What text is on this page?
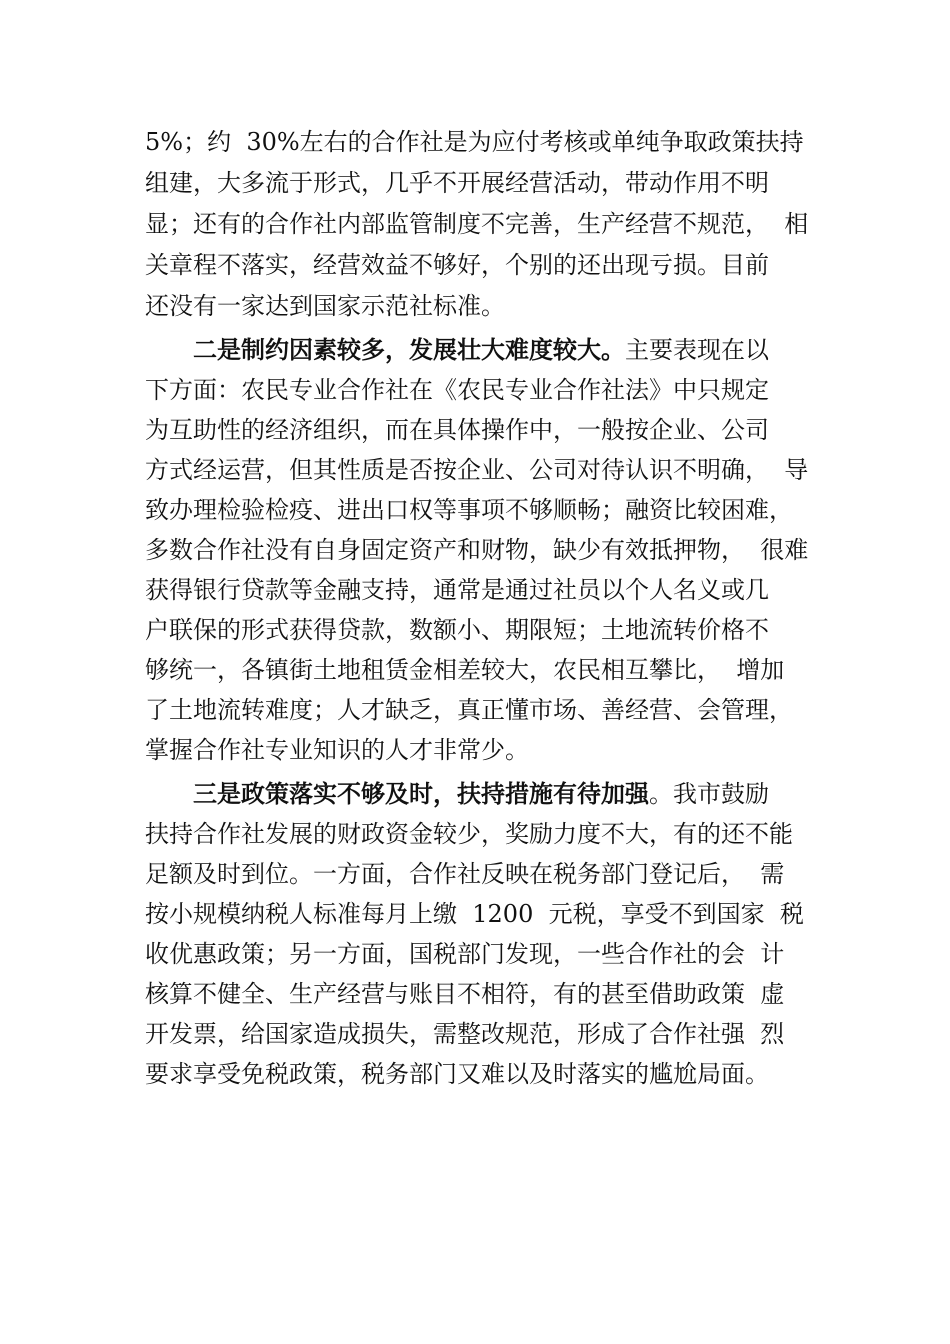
5%；约  30%左右的合作社是为应付考核或单纯争取政策扶持
组建，大多流于形式，几乎不开展经营活动，带动作用不明
显；还有的合作社内部监管制度不完善，生产经营不规范，  相
关章程不落实，经营效益不够好，个别的还出现亏损。目前
还没有一家达到国家示范社标准。
二是制约因素较多，发展壮大难度较大。主要表现在以
下方面：农民专业合作社在《农民专业合作社法》中只规定
为互助性的经济组织，而在具体操作中，一般按企业、公司
方式经运营，但其性质是否按企业、公司对待认识不明确，  导
致办理检验检疫、进出口权等事项不够顺畅；融资比较困难，
多数合作社没有自身固定资产和财物，缺少有效抵押物，  很难
获得银行贷款等金融支持，通常是通过社员以个人名义或几
户联保的形式获得贷款，数额小、期限短；土地流转价格不
够统一，各镇街土地租赁金相差较大，农民相互攀比，  增加
了土地流转难度；人才缺乏，真正懂市场、善经营、会管理，
掌握合作社专业知识的人才非常少。
三是政策落实不够及时，扶持措施有待加强。我市鼓励
扶持合作社发展的财政资金较少，奖励力度不大，有的还不能
足额及时到位。一方面，合作社反映在税务部门登记后，  需
按小规模纳税人标准每月上缴  1200  元税，享受不到国家  税
收优惠政策；另一方面，国税部门发现，一些合作社的会  计
核算不健全、生产经营与账目不相符，有的甚至借助政策  虚
开发票，给国家造成损失，需整改规范，形成了合作社强  烈
要求享受免税政策，税务部门又难以及时落实的尴尬局面。
